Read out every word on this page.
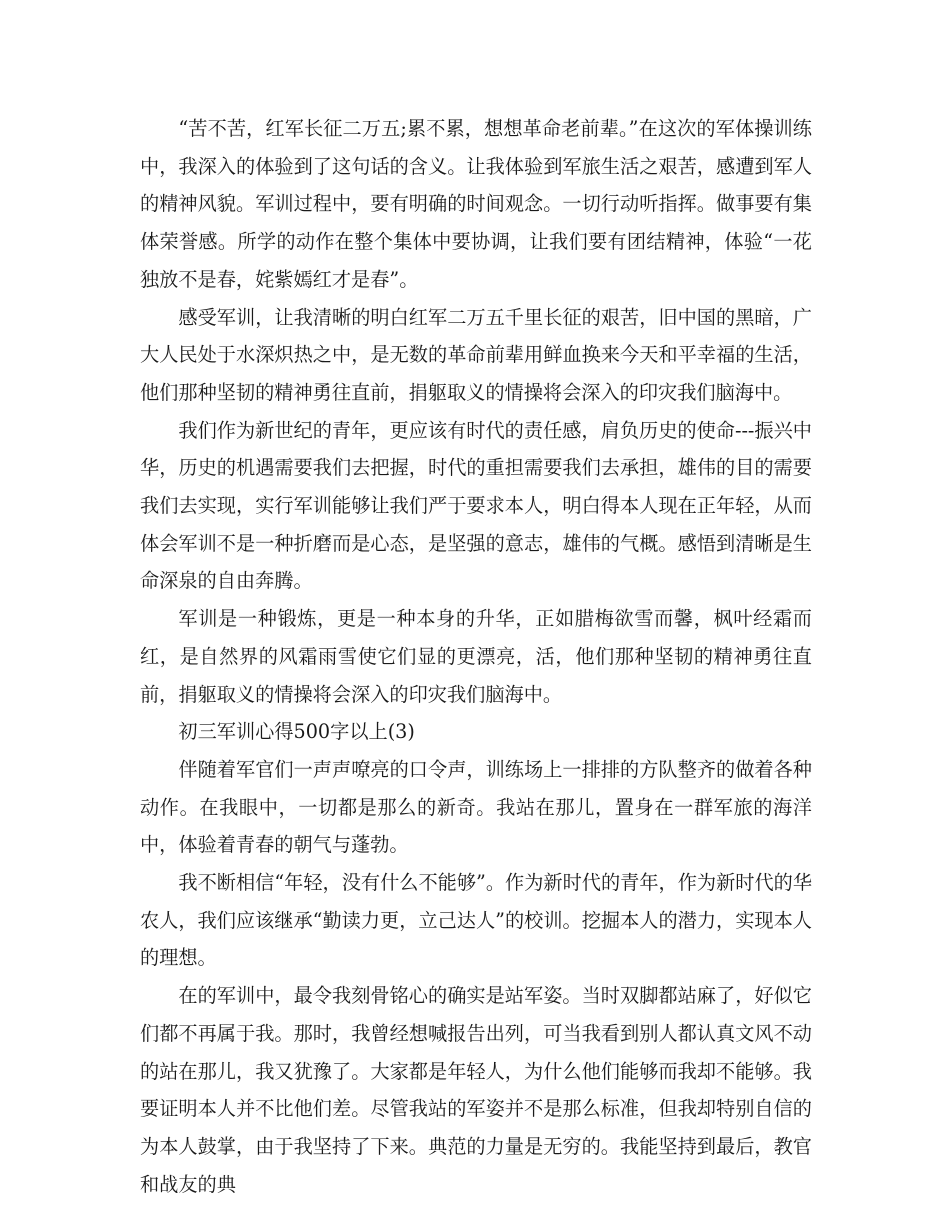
“苦不苦，红军长征二万五;累不累，想想革命老前辈。”在这次的军体操训练中，我深入的体验到了这句话的含义。让我体验到军旅生活之艰苦，感遭到军人的精神风貌。军训过程中，要有明确的时间观念。一切行动听指挥。做事要有集体荣誉感。所学的动作在整个集体中要协调，让我们要有团结精神，体验“一花独放不是春，姹紫嫣红才是春”。

感受军训，让我清晰的明白红军二万五千里长征的艰苦，旧中国的黑暗，广大人民处于水深炽热之中，是无数的革命前辈用鲜血换来今天和平幸福的生活，他们那种坚韧的精神勇往直前，捐躯取义的情操将会深入的印灾我们脑海中。

我们作为新世纪的青年，更应该有时代的责任感，肩负历史的使命---振兴中华，历史的机遇需要我们去把握，时代的重担需要我们去承担，雄伟的目的需要我们去实现，实行军训能够让我们严于要求本人，明白得本人现在正年轻，从而体会军训不是一种折磨而是心态，是坚强的意志，雄伟的气概。感悟到清晰是生命深泉的自由奔腾。

军训是一种锻炼，更是一种本身的升华，正如腊梅欲雪而馨，枫叶经霜而红，是自然界的风霜雨雪使它们显的更漂亮，活，他们那种坚韧的精神勇往直前，捐躯取义的情操将会深入的印灾我们脑海中。

初三军训心得500字以上(3)

伴随着军官们一声声嘹亮的口令声，训练场上一排排的方队整齐的做着各种动作。在我眼中，一切都是那么的新奇。我站在那儿，置身在一群军旅的海洋中，体验着青春的朝气与蓬勃。

我不断相信“年轻，没有什么不能够”。作为新时代的青年，作为新时代的华农人，我们应该继承“勤读力更，立己达人”的校训。挖掘本人的潜力，实现本人的理想。

在的军训中，最令我刻骨铭心的确实是站军姿。当时双脚都站麻了，好似它们都不再属于我。那时，我曾经想喊报告出列，可当我看到别人都认真文风不动的站在那儿，我又犹豫了。大家都是年轻人，为什么他们能够而我却不能够。我要证明本人并不比他们差。尽管我站的军姿并不是那么标准，但我却特别自信的为本人鼓掌，由于我坚持了下来。典范的力量是无穷的。我能坚持到最后，教官和战友的典
